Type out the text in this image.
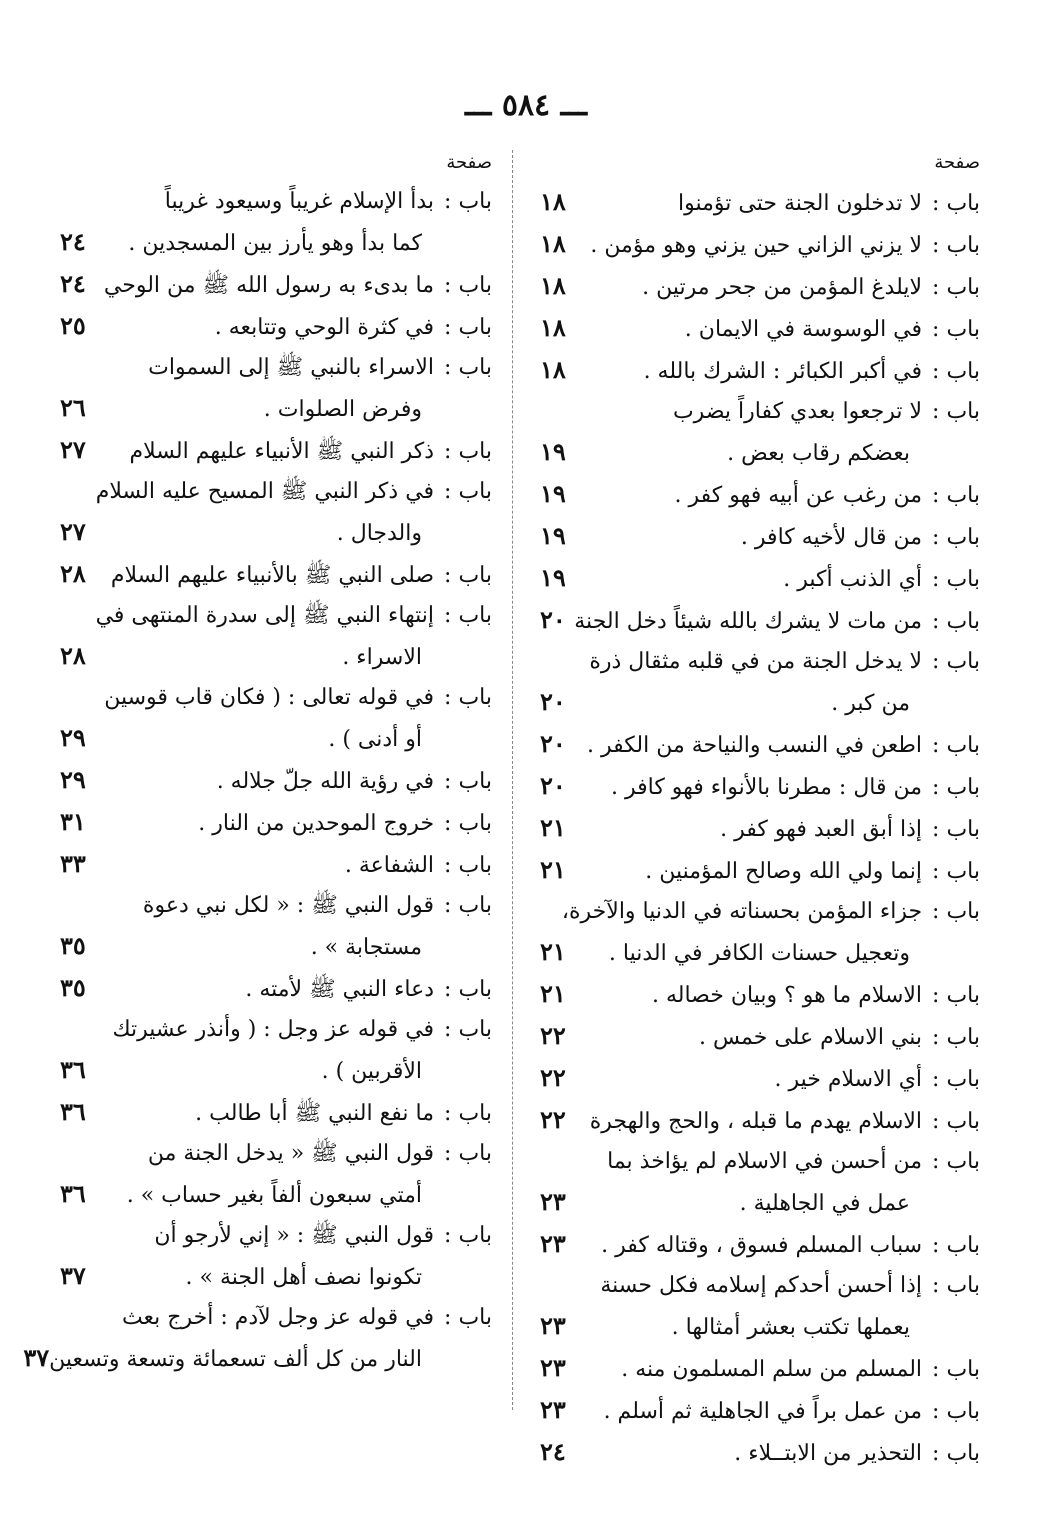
ـــ ٥٨٤ ـــ
صفحة
باب :لا تدخلون الجنة حتى تؤمنوا
١٨
باب :لا يزني الزاني حين يزني وهو مؤمن .
١٨
باب :لايلدغ المؤمن من جحر مرتين .
١٨
باب :في الوسوسة في الايمان .
١٨
باب :في أكبر الكبائر : الشرك بالله .
١٨
باب :لا ترجعوا بعدي كفاراً يضرب
بعضكم رقاب بعض .
١٩
باب :من رغب عن أبيه فهو كفر .
١٩
باب :من قال لأخيه كافر .
١٩
باب :أي الذنب أكبر .
١٩
باب :من مات لا يشرك بالله شيئاً دخل الجنة
٢٠
باب :لا يدخل الجنة من في قلبه مثقال ذرة
من كبر .
٢٠
باب :اطعن في النسب والنياحة من الكفر .
٢٠
باب :من قال : مطرنا بالأنواء فهو كافر .
٢٠
باب :إذا أبق العبد فهو كفر .
٢١
باب :إنما ولي الله وصالح المؤمنين .
٢١
باب :جزاء المؤمن بحسناته في الدنيا والآخرة،
وتعجيل حسنات الكافر في الدنيا .
٢١
باب :الاسلام ما هو ؟ وبيان خصاله .
٢١
باب :بني الاسلام على خمس .
٢٢
باب :أي الاسلام خير .
٢٢
باب :الاسلام يهدم ما قبله ، والحج والهجرة
٢٢
باب :من أحسن في الاسلام لم يؤاخذ بما
عمل في الجاهلية .
٢٣
باب :سباب المسلم فسوق ، وقتاله كفر .
٢٣
باب :إذا أحسن أحدكم إسلامه فكل حسنة
يعملها تكتب بعشر أمثالها .
٢٣
باب :المسلم من سلم المسلمون منه .
٢٣
باب :من عمل براً في الجاهلية ثم أسلم .
٢٣
باب :التحذير من الابتــلاء .
٢٤
صفحة
باب :بدأ الإسلام غريباً وسيعود غريباً
كما بدأ وهو يأرز بين المسجدين .
٢٤
باب :ما بدىء به رسول الله ﷺ من الوحي
٢٤
باب :في كثرة الوحي وتتابعه .
٢٥
باب :الاسراء بالنبي ﷺ إلى السموات
وفرض الصلوات .
٢٦
باب :ذكر النبي ﷺ الأنبياء عليهم السلام
٢٧
باب :في ذكر النبي ﷺ المسيح عليه السلام
والدجال .
٢٧
باب :صلى النبي ﷺ بالأنبياء عليهم السلام
٢٨
باب :إنتهاء النبي ﷺ إلى سدرة المنتهى في
الاسراء .
٢٨
باب :في قوله تعالى : ( فكان قاب قوسين
أو أدنى ) .
٢٩
باب :في رؤية الله جلّ جلاله .
٢٩
باب :خروج الموحدين من النار .
٣١
باب :الشفاعة .
٣٣
باب :قول النبي ﷺ : « لكل نبي دعوة
مستجابة » .
٣٥
باب :دعاء النبي ﷺ لأمته .
٣٥
باب :في قوله عز وجل : ( وأنذر عشيرتك
الأقربين ) .
٣٦
باب :ما نفع النبي ﷺ أبا طالب .
٣٦
باب :قول النبي ﷺ « يدخل الجنة من
أمتي سبعون ألفاً بغير حساب » .
٣٦
باب :قول النبي ﷺ : « إني لأرجو أن
تكونوا نصف أهل الجنة » .
٣٧
باب :في قوله عز وجل لآدم : أخرج بعث
النار من كل ألف تسعمائة وتسعة وتسعين
٣٧
